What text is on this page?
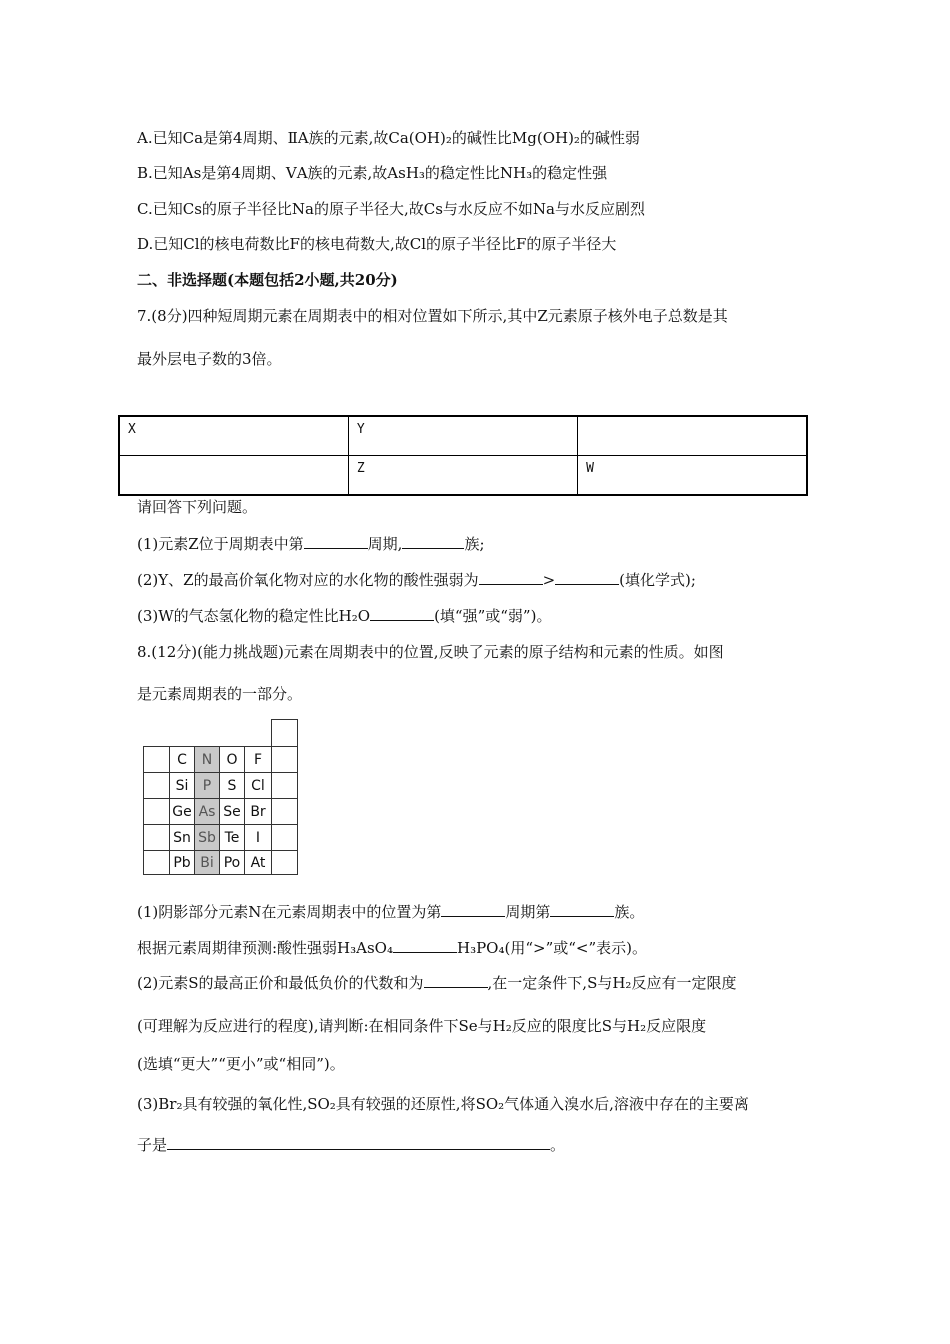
A.已知Ca是第4周期、ⅡA族的元素,故Ca(OH)₂的碱性比Mg(OH)₂的碱性弱
B.已知As是第4周期、ⅤA族的元素,故AsH₃的稳定性比NH₃的稳定性强
C.已知Cs的原子半径比Na的原子半径大,故Cs与水反应不如Na与水反应剧烈
D.已知Cl的核电荷数比F的核电荷数大,故Cl的原子半径比F的原子半径大
二、非选择题(本题包括2小题,共20分)
7.(8分)四种短周期元素在周期表中的相对位置如下所示,其中Z元素原子核外电子总数是其
最外层电子数的3倍。
X	Y	
	Z	W
请回答下列问题。
(1)元素Z位于周期表中第	周期,	族;
(2)Y、Z的最高价氧化物对应的水化物的酸性强弱为	>	(填化学式);
(3)W的气态氢化物的稳定性比H₂O	(填“强”或“弱”)。
8.(12分)(能力挑战题)元素在周期表中的位置,反映了元素的原子结构和元素的性质。如图
是元素周期表的一部分。
C	N	O	F
Si	P	S	Cl
Ge As Se Br
Sn Sb Te	I
Pb Bi Po At
(1)阴影部分元素N在元素周期表中的位置为第	周期第	族。
根据元素周期律预测:酸性强弱H₃AsO₄	H₃PO₄(用“>”或“<”表示)。
(2)元素S的最高正价和最低负价的代数和为	,在一定条件下,S与H₂反应有一定限度
(可理解为反应进行的程度),请判断:在相同条件下Se与H₂反应的限度比S与H₂反应限度
(选填“更大”“更小”或“相同”)。
(3)Br₂具有较强的氧化性,SO₂具有较强的还原性,将SO₂气体通入溴水后,溶液中存在的主要离
子是	。
